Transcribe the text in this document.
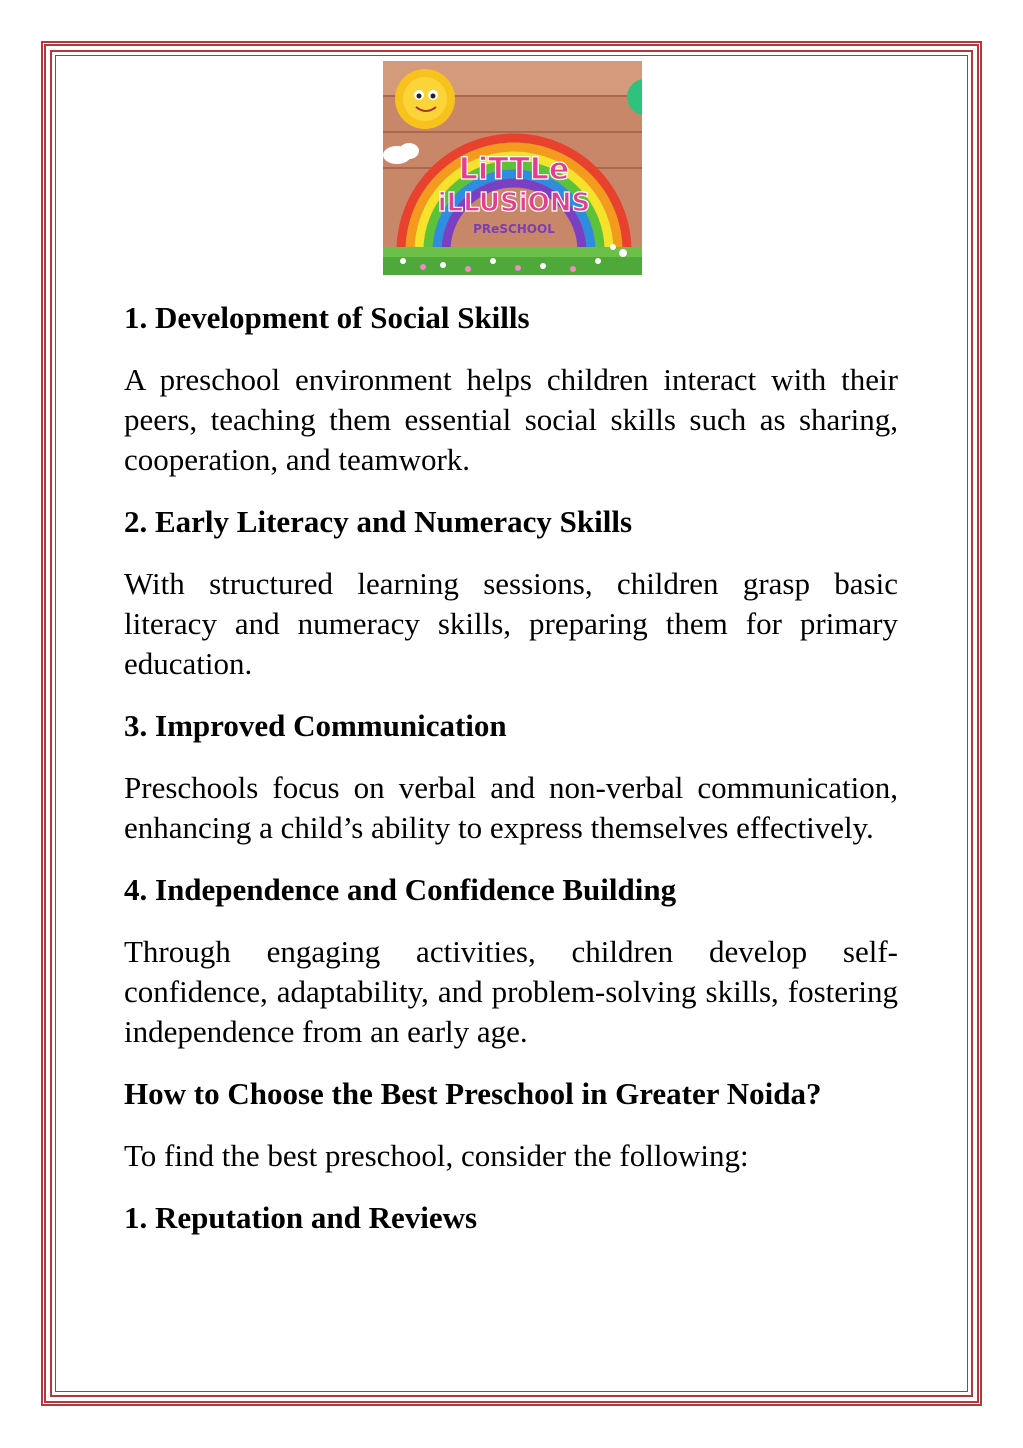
LiTTLe
iLLUSiONS
PReSCHOOL
1. Development of Social Skills

A preschool environment helps children interact with their peers, teaching them essential social skills such as sharing, cooperation, and teamwork.

2. Early Literacy and Numeracy Skills

With structured learning sessions, children grasp basic literacy and numeracy skills, preparing them for primary education.

3. Improved Communication

Preschools focus on verbal and non-verbal communication, enhancing a child’s ability to express themselves effectively.

4. Independence and Confidence Building

Through engaging activities, children develop self-confidence, adaptability, and problem-solving skills, fostering independence from an early age.

How to Choose the Best Preschool in Greater Noida?

To find the best preschool, consider the following:

1. Reputation and Reviews
